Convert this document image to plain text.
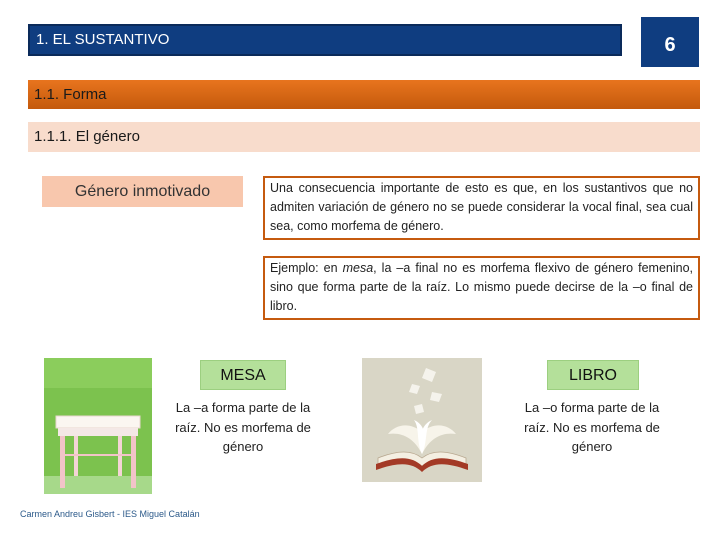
1. EL SUSTANTIVO	6
1.1. Forma
1.1.1. El género
Género inmotivado	Una consecuencia importante de esto es que, en los sustantivos que no admiten variación de género no se puede considerar la vocal final, sea cual sea, como morfema de género.
Ejemplo: en mesa, la –a final no es morfema flexivo de género femenino, sino que forma parte de la raíz. Lo mismo puede decirse de la –o final de libro.
MESA
La –a forma parte de la raíz. No es morfema de género
LIBRO
La –o forma parte de la raíz. No es morfema de género
Carmen Andreu Gisbert - IES Miguel Catalán
